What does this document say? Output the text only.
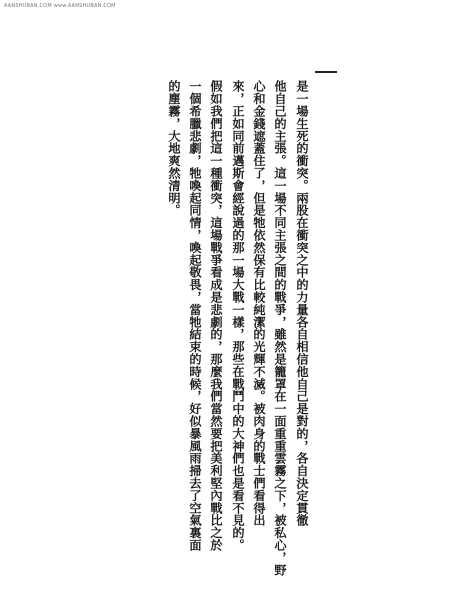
AANSHUBAN.COM www.AANSHUBAN.COM
是一場生死的衝突。兩股在衝突之中的力量各自相信他自己是對的，各自決定貫徹
他自己的主張。這一場不同主張之間的戰爭，雖然是籠罩在一面重重雲霧之下，被私心，野
心和金錢遮蓋住了，但是牠依然保有比較純潔的光輝不滅。被肉身的戰士們看得出
來，正如同前邁斯會經說過的那一場大戰一樣，那些在戰鬥中的大神們也是看不見的。
假如我們把這一種衝突，這場戰爭看成是悲劇的，那麼我們當然要把美利堅內戰比之於
一個希臘悲劇，牠喚起同情，喚起敬畏，當牠結束的時候，好似暴風雨掃去了空氣裏面
的塵霧，大地爽然清明。
